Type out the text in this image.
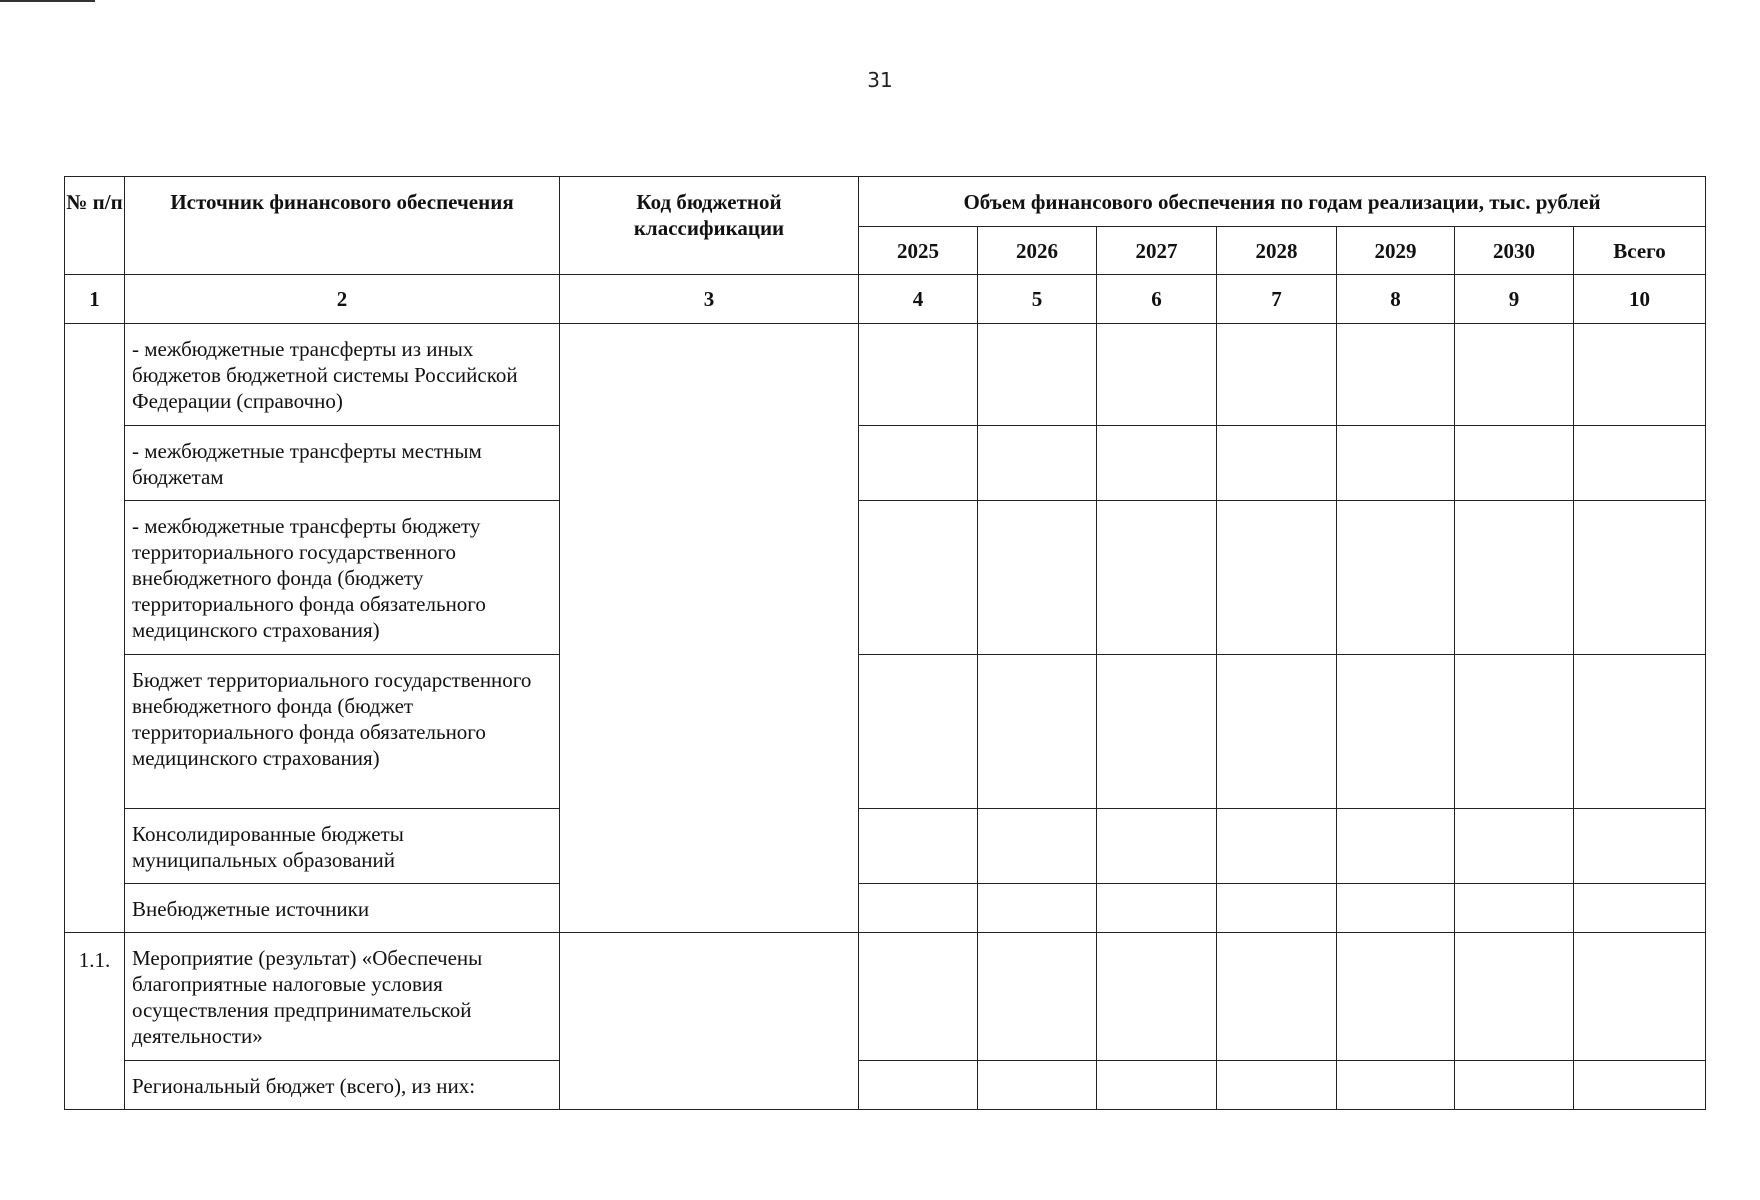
31
№ п/п	Источник финансового обеспечения	Код бюджетной классификации	Объем финансового обеспечения по годам реализации, тыс. рублей						
			2025	2026	2027	2028	2029	2030	Всего
1	2	3	4	5	6	7	8	9	10
	- межбюджетные трансферты из иных бюджетов бюджетной системы Российской Федерации (справочно)								
	- межбюджетные трансферты местным бюджетам								
	- межбюджетные трансферты бюджету территориального государственного внебюджетного фонда (бюджету территориального фонда обязательного медицинского страхования)								
	Бюджет территориального государственного внебюджетного фонда (бюджет территориального фонда обязательного медицинского страхования)								
	Консолидированные бюджеты муниципальных образований								
	Внебюджетные источники								
1.1.	Мероприятие (результат) «Обеспечены благоприятные налоговые условия осуществления предпринимательской деятельности»								
	Региональный бюджет (всего), из них:								
